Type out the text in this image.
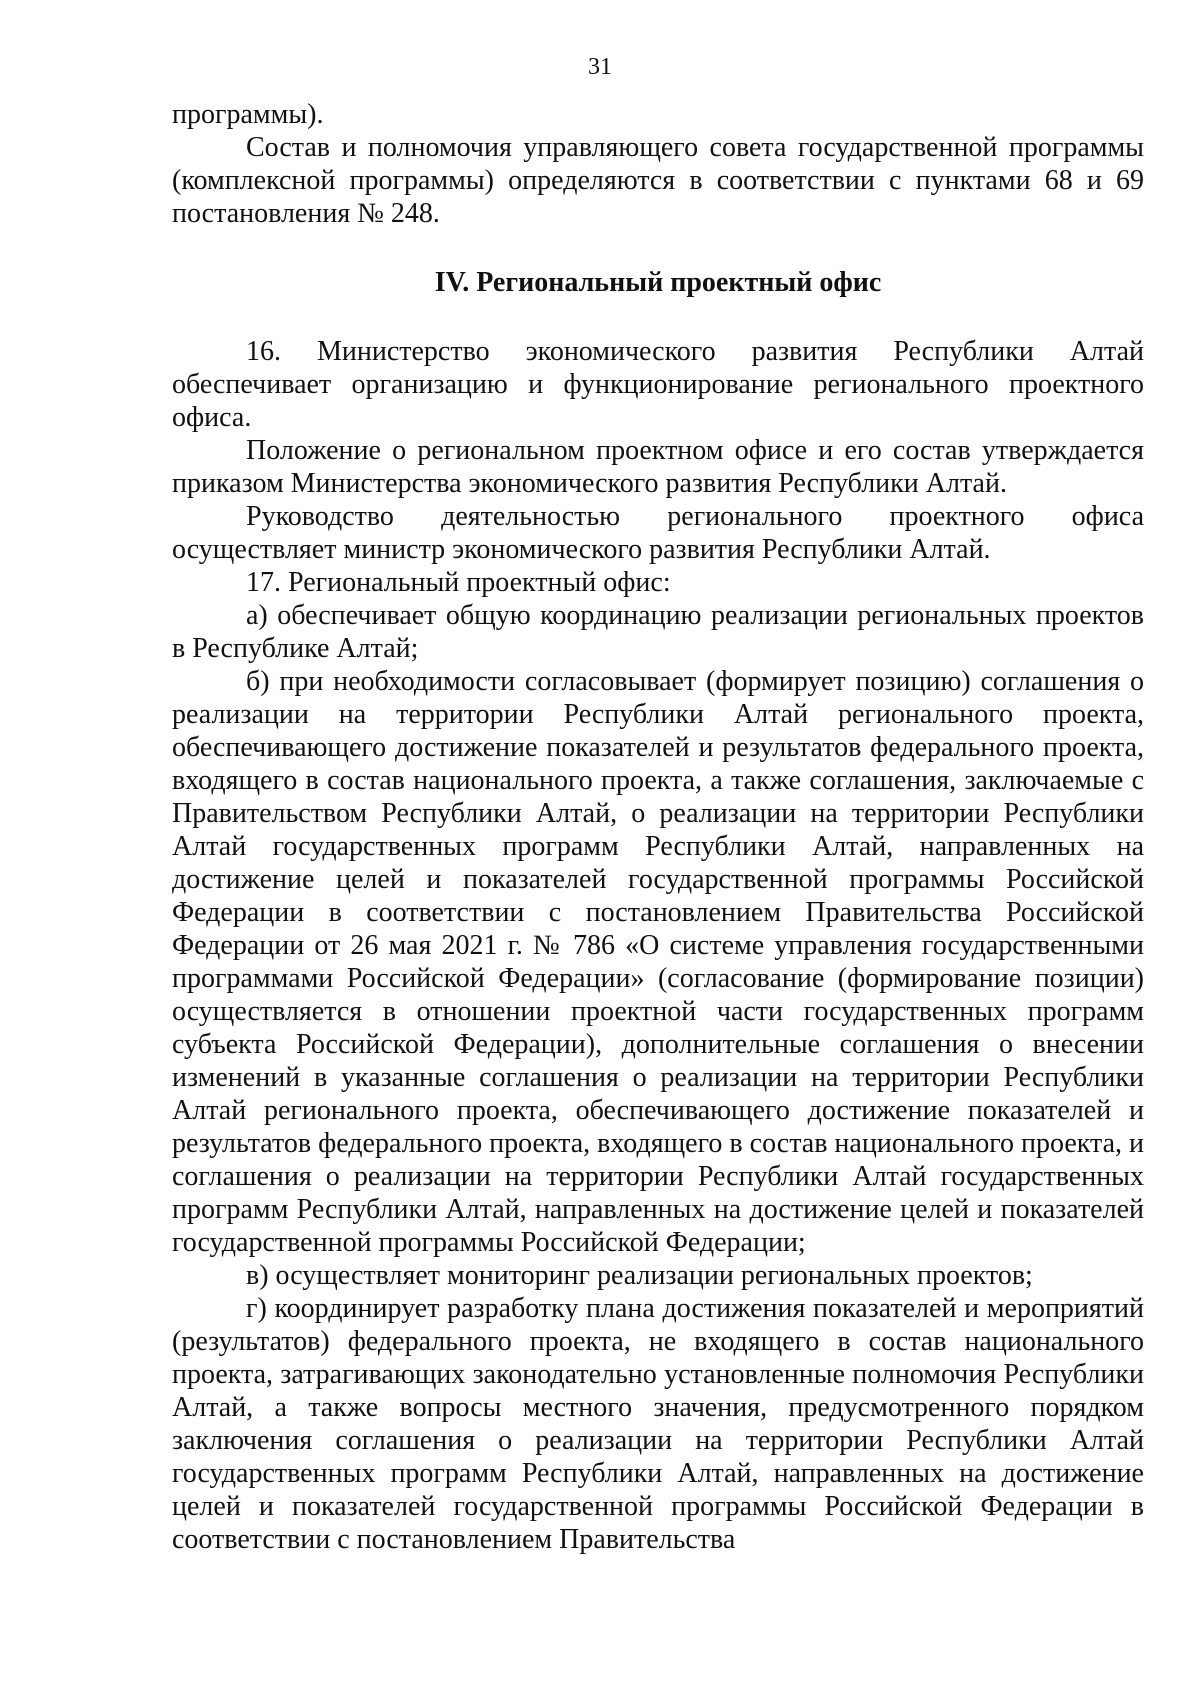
31

программы).

Состав и полномочия управляющего совета государственной программы (комплексной программы) определяются в соответствии с пунктами 68 и 69 постановления № 248.

IV. Региональный проектный офис

16. Министерство экономического развития Республики Алтай обеспечивает организацию и функционирование регионального проектного офиса.

Положение о региональном проектном офисе и его состав утверждается приказом Министерства экономического развития Республики Алтай.

Руководство деятельностью регионального проектного офиса осуществляет министр экономического развития Республики Алтай.

17. Региональный проектный офис:

а) обеспечивает общую координацию реализации региональных проектов в Республике Алтай;

б) при необходимости согласовывает (формирует позицию) соглашения о реализации на территории Республики Алтай регионального проекта, обеспечивающего достижение показателей и результатов федерального проекта, входящего в состав национального проекта, а также соглашения, заключаемые с Правительством Республики Алтай, о реализации на территории Республики Алтай государственных программ Республики Алтай, направленных на достижение целей и показателей государственной программы Российской Федерации в соответствии с постановлением Правительства Российской Федерации от 26 мая 2021 г. № 786 «О системе управления государственными программами Российской Федерации» (согласование (формирование позиции) осуществляется в отношении проектной части государственных программ субъекта Российской Федерации), дополнительные соглашения о внесении изменений в указанные соглашения о реализации на территории Республики Алтай регионального проекта, обеспечивающего достижение показателей и результатов федерального проекта, входящего в состав национального проекта, и соглашения о реализации на территории Республики Алтай государственных программ Республики Алтай, направленных на достижение целей и показателей государственной программы Российской Федерации;

в) осуществляет мониторинг реализации региональных проектов;

г) координирует разработку плана достижения показателей и мероприятий (результатов) федерального проекта, не входящего в состав национального проекта, затрагивающих законодательно установленные полномочия Республики Алтай, а также вопросы местного значения, предусмотренного порядком заключения соглашения о реализации на территории Республики Алтай государственных программ Республики Алтай, направленных на достижение целей и показателей государственной программы Российской Федерации в соответствии с постановлением Правительства
